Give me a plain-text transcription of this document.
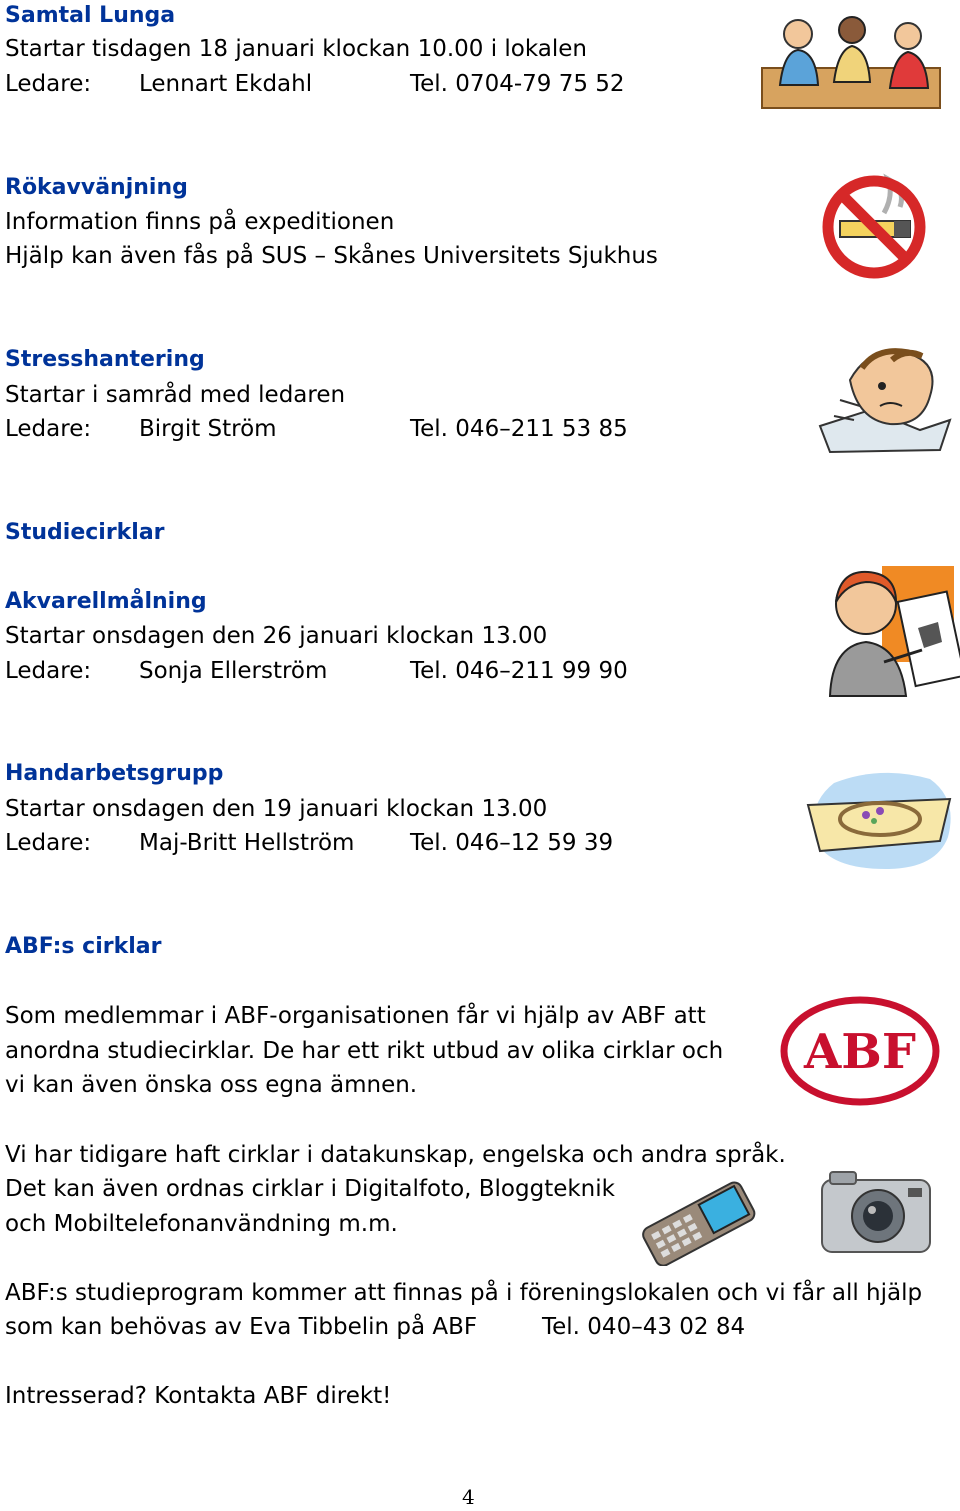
Samtal Lunga
Startar tisdagen 18 januari klockan 10.00 i lokalen
Ledare: Lennart Ekdahl	Tel. 0704-79 75 52
Rökavvänjning
Information finns på expeditionen
Hjälp kan även fås på SUS – Skånes Universitets Sjukhus
Stresshantering
Startar i samråd med ledaren
Ledare: Birgit Ström	Tel. 046–211 53 85
Studiecirklar
Akvarellmålning
Startar onsdagen den 26 januari klockan 13.00
Ledare: Sonja Ellerström	Tel. 046–211 99 90
Handarbetsgrupp
Startar onsdagen den 19 januari klockan 13.00
Ledare: Maj-Britt Hellström Tel. 046–12 59 39
ABF:s cirklar
Som medlemmar i ABF-organisationen får vi hjälp av ABF att
anordna studiecirklar. De har ett rikt utbud av olika cirklar och
vi kan även önska oss egna ämnen.
ABF
Vi har tidigare haft cirklar i datakunskap, engelska och andra språk.
Det kan även ordnas cirklar i Digitalfoto, Bloggteknik
och Mobiltelefonanvändning m.m.
ABF:s studieprogram kommer att finnas på i föreningslokalen och vi får all hjälp
som kan behövas av Eva Tibbelin på ABF	Tel. 040–43 02 84
Intresserad? Kontakta ABF direkt!
4
